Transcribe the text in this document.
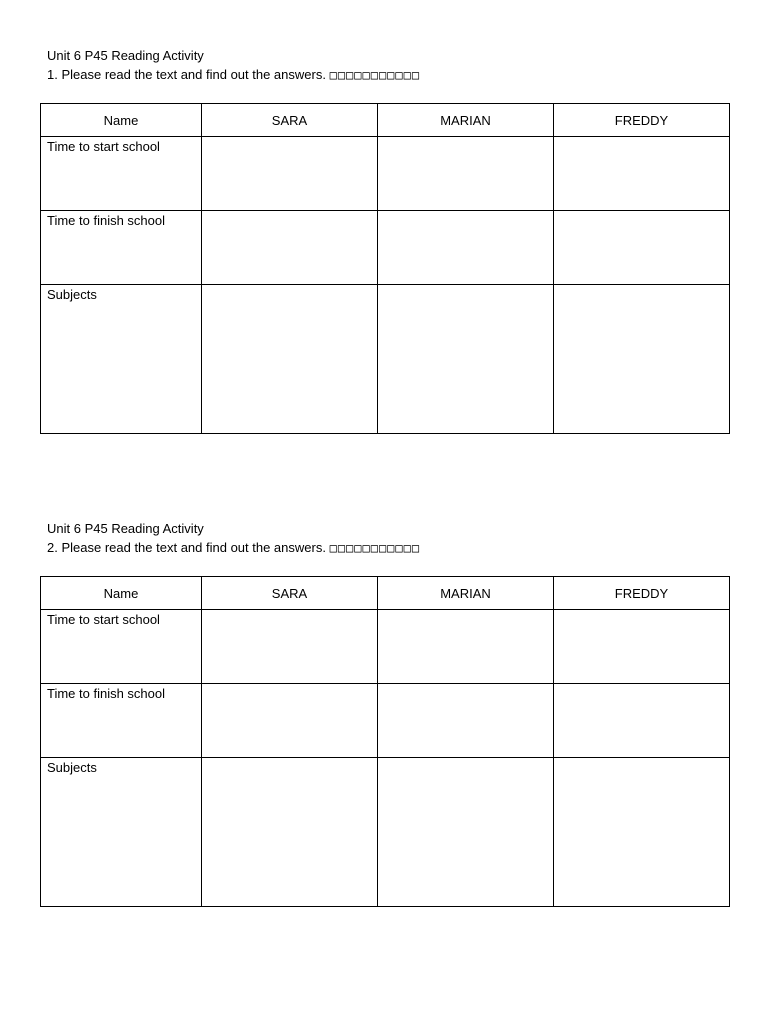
Unit 6 P45 Reading Activity
1. Please read the text and find out the answers. □□□□□□□□□□□
Name	SARA	MARIAN	FREDDY
Time to start school			
Time to finish school			
Subjects			
Unit 6 P45 Reading Activity
2. Please read the text and find out the answers. □□□□□□□□□□□
Name	SARA	MARIAN	FREDDY
Time to start school			
Time to finish school			
Subjects			
